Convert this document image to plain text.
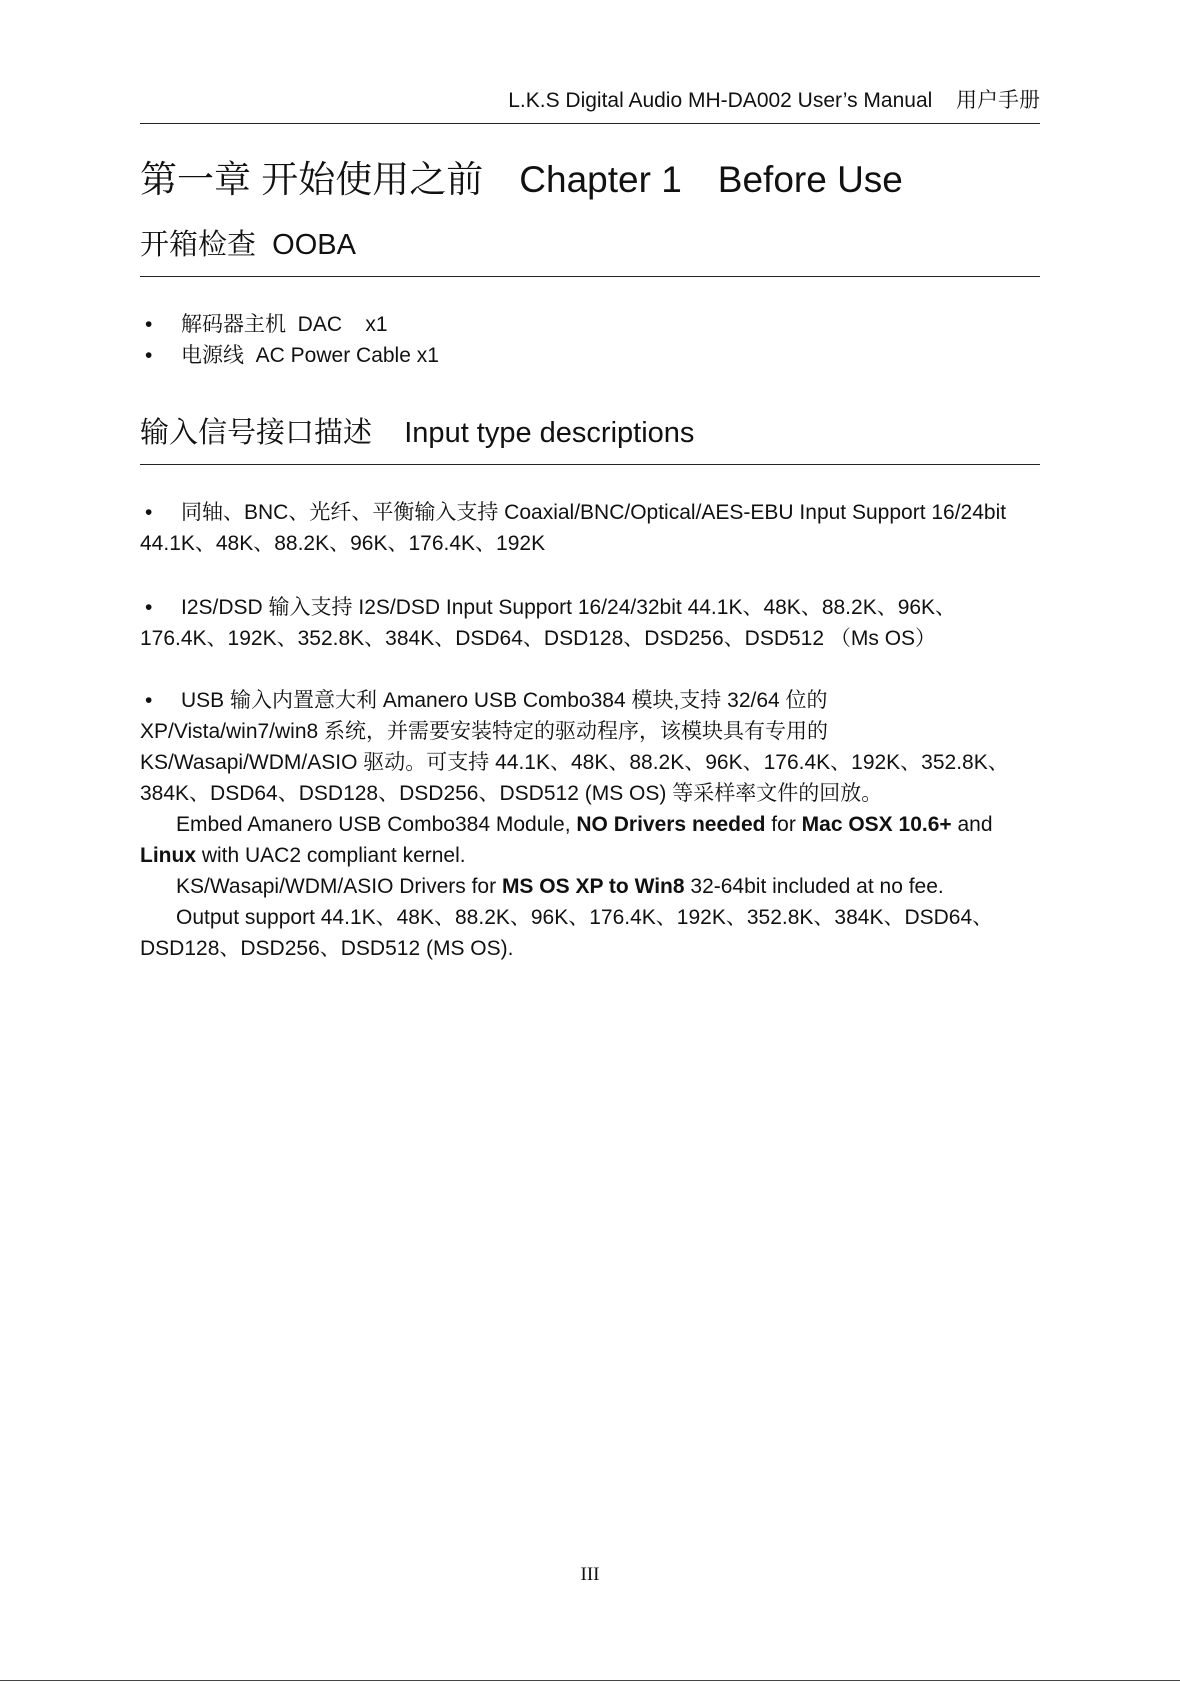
L.K.S Digital Audio MH-DA002 User’s Manual 用户手册
第一章 开始使用之前 Chapter 1 Before Use
开箱检查 OOBA
• 解码器主机 DAC x1
• 电源线 AC Power Cable x1
输入信号接口描述 Input type descriptions
• 同轴、BNC、光纤、平衡输入支持 Coaxial/BNC/Optical/AES-EBU Input Support 16/24bit
44.1K、48K、88.2K、96K、176.4K、192K
• I2S/DSD 输入支持 I2S/DSD Input Support 16/24/32bit 44.1K、48K、88.2K、96K、
176.4K、192K、352.8K、384K、DSD64、DSD128、DSD256、DSD512 （Ms OS）
• USB 输入内置意大利 Amanero USB Combo384 模块,支持 32/64 位的
XP/Vista/win7/win8 系统，并需要安装特定的驱动程序，该模块具有专用的
KS/Wasapi/WDM/ASIO 驱动。可支持 44.1K、48K、88.2K、96K、176.4K、192K、352.8K、
384K、DSD64、DSD128、DSD256、DSD512 (MS OS) 等采样率文件的回放。
Embed Amanero USB Combo384 Module, NO Drivers needed for Mac OSX 10.6+ and
Linux with UAC2 compliant kernel.
KS/Wasapi/WDM/ASIO Drivers for MS OS XP to Win8 32-64bit included at no fee.
Output support 44.1K、48K、88.2K、96K、176.4K、192K、352.8K、384K、DSD64、
DSD128、DSD256、DSD512 (MS OS).
III
